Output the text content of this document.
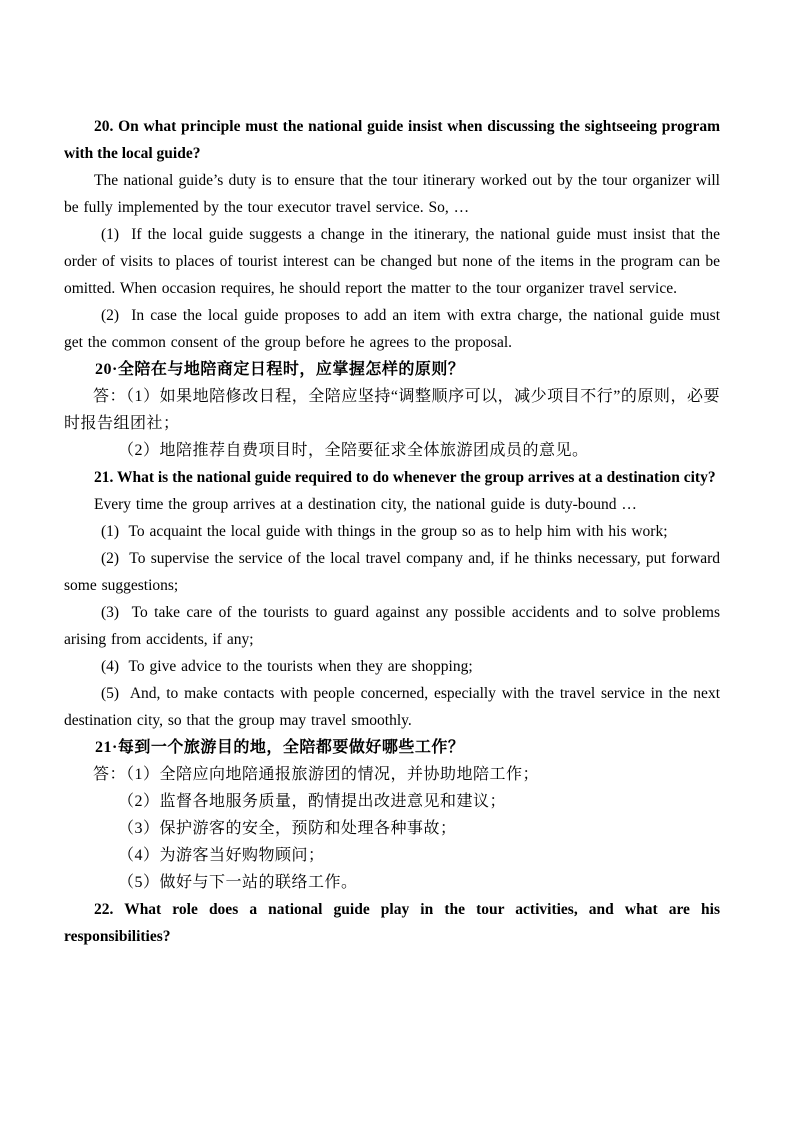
20. On what principle must the national guide insist when discussing the sightseeing program with the local guide?

The national guide’s duty is to ensure that the tour itinerary worked out by the tour organizer will be fully implemented by the tour executor travel service. So, …

(1)  If the local guide suggests a change in the itinerary, the national guide must insist that the order of visits to places of tourist interest can be changed but none of the items in the program can be omitted. When occasion requires, he should report the matter to the tour organizer travel service.

(2)  In case the local guide proposes to add an item with extra charge, the national guide must get the common consent of the group before he agrees to the proposal.

20·全陪在与地陪商定日程时，应掌握怎样的原则？

答：（1）如果地陪修改日程，全陪应坚持“调整顺序可以，减少项目不行”的原则，必要时报告组团社；

（2）地陪推荐自费项目时，全陪要征求全体旅游团成员的意见。

21. What is the national guide required to do whenever the group arrives at a destination city?

Every time the group arrives at a destination city, the national guide is duty-bound …

(1)  To acquaint the local guide with things in the group so as to help him with his work;

(2)  To supervise the service of the local travel company and, if he thinks necessary, put forward some suggestions;

(3)  To take care of the tourists to guard against any possible accidents and to solve problems arising from accidents, if any;

(4)  To give advice to the tourists when they are shopping;

(5)  And, to make contacts with people concerned, especially with the travel service in the next destination city, so that the group may travel smoothly.

21·每到一个旅游目的地，全陪都要做好哪些工作？

答：（1）全陪应向地陪通报旅游团的情况，并协助地陪工作；

（2）监督各地服务质量，酌情提出改进意见和建议；

（3）保护游客的安全，预防和处理各种事故；

（4）为游客当好购物顾问；

（5）做好与下一站的联络工作。

22. What role does a national guide play in the tour activities, and what are his responsibilities?
